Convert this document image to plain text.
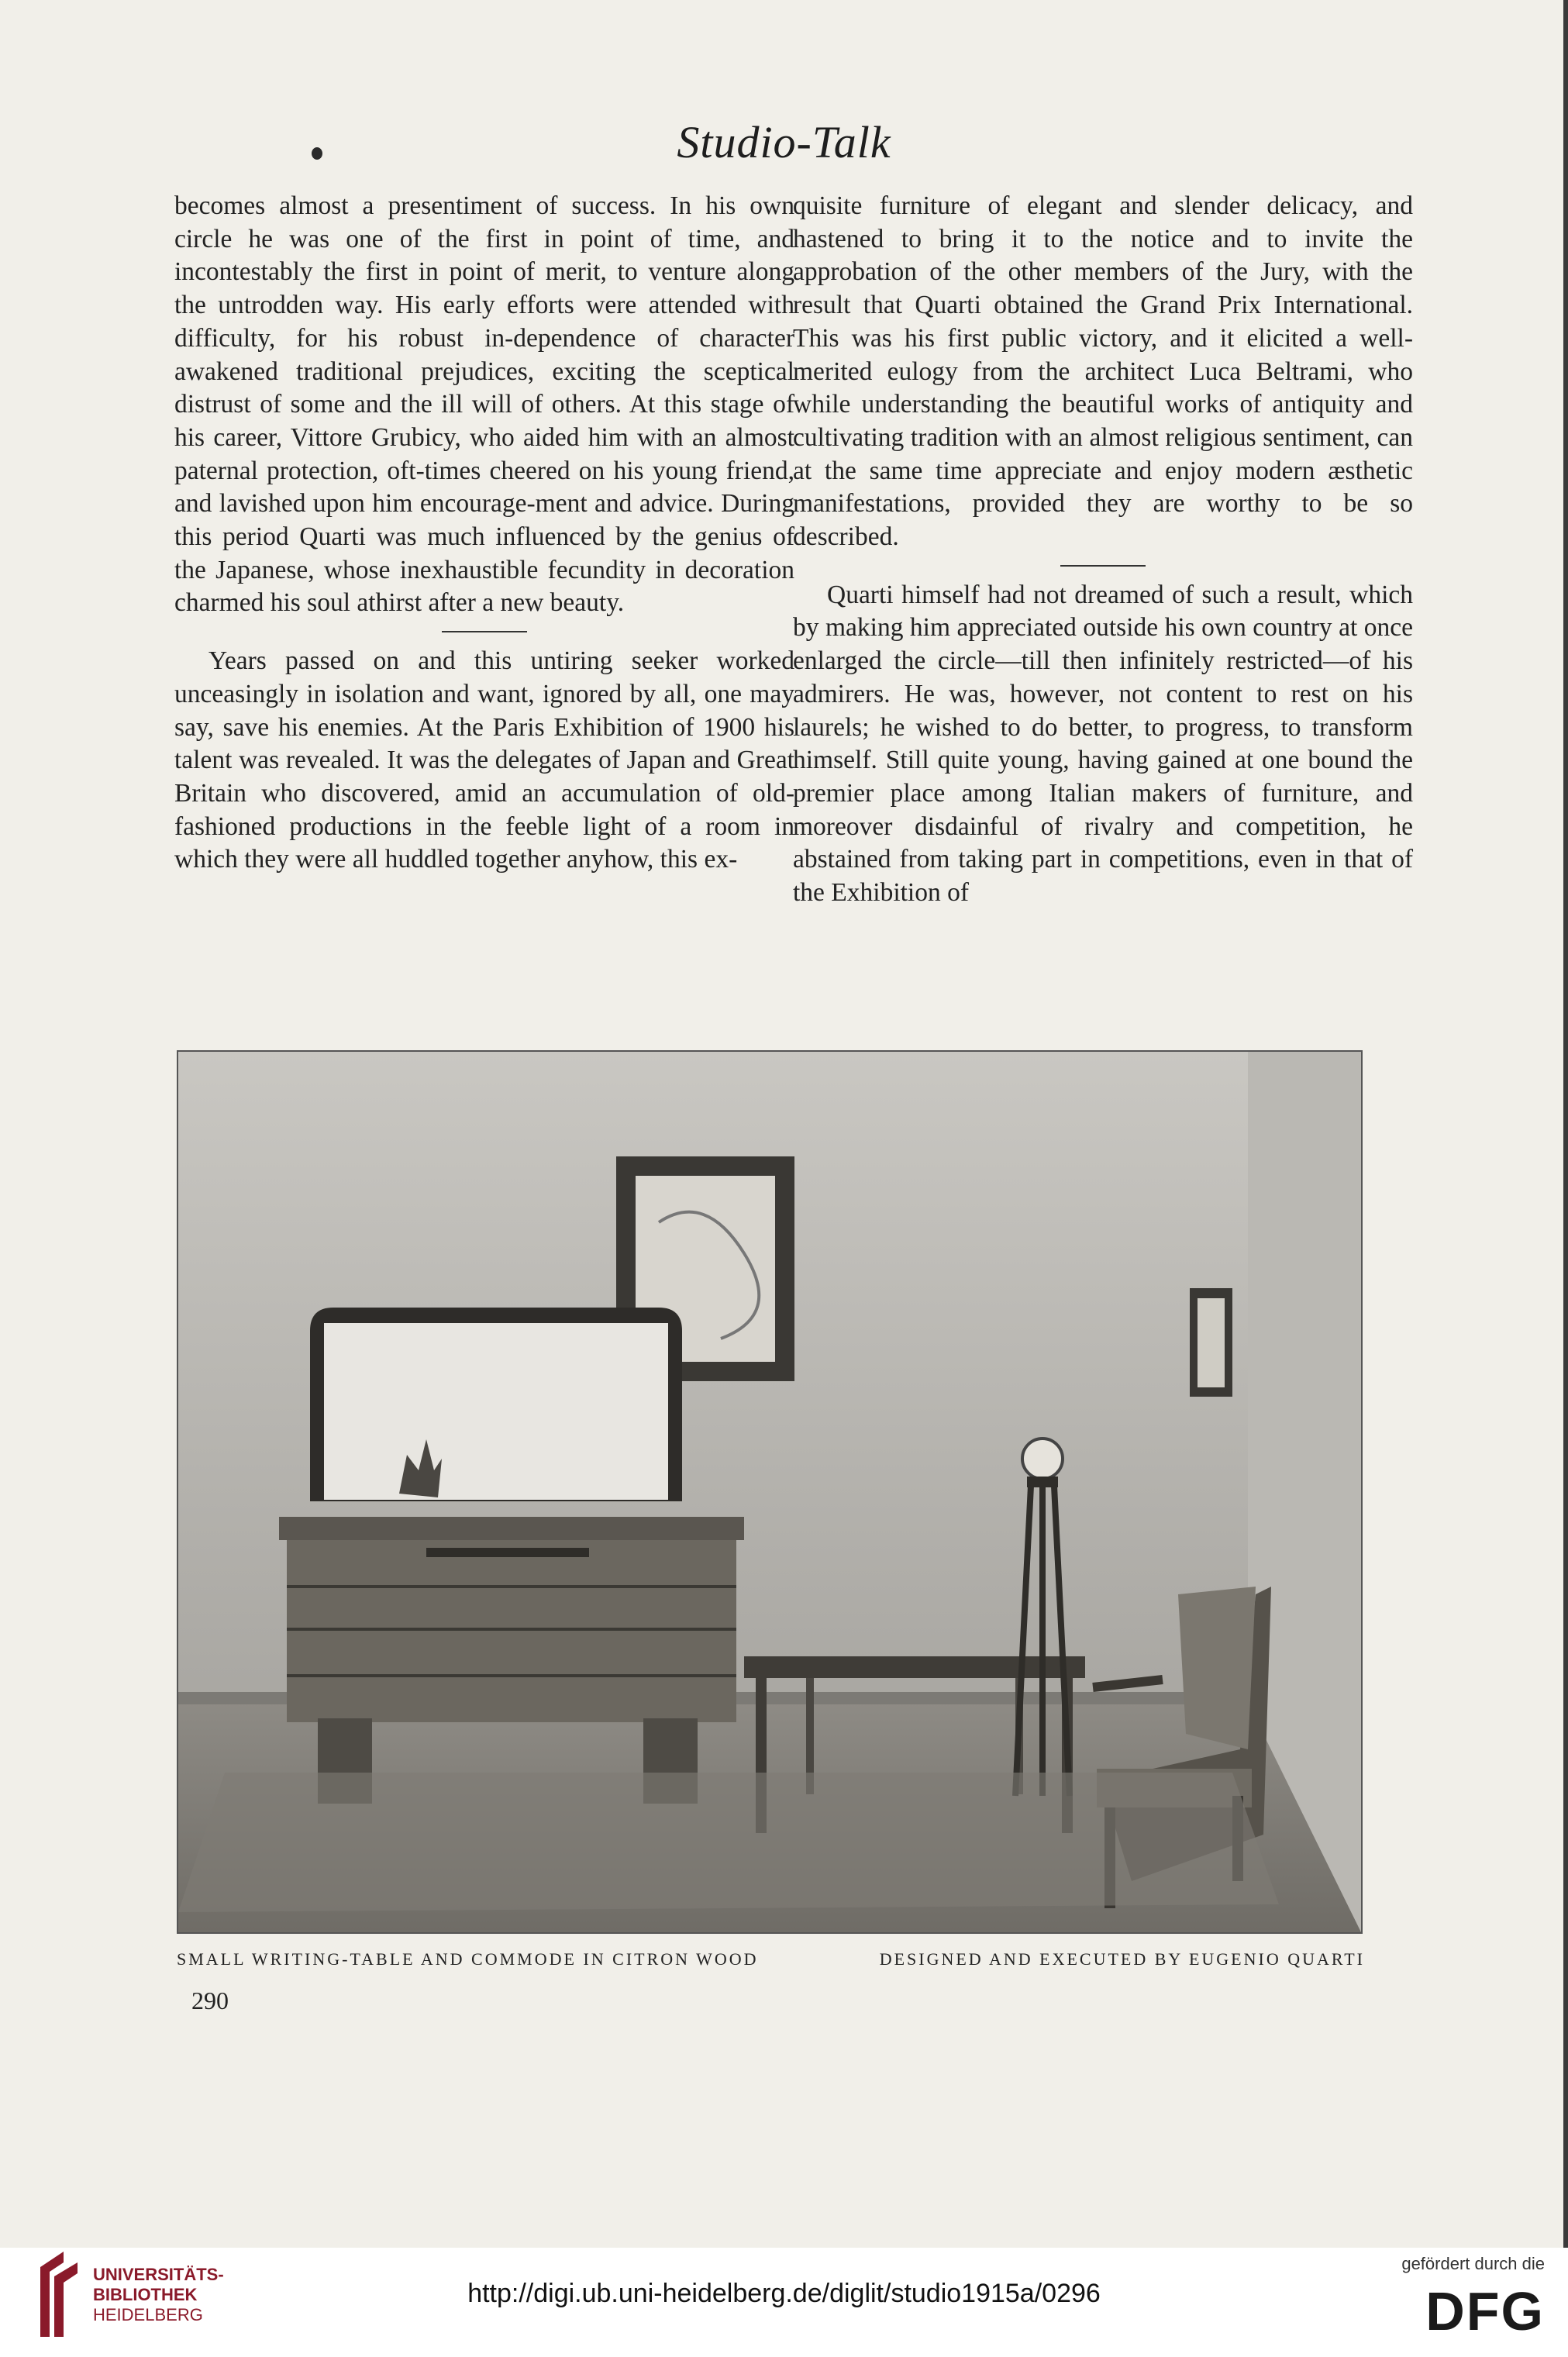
Studio-Talk

becomes almost a presentiment of success. In his own circle he was one of the first in point of time, and incontestably the first in point of merit, to venture along the untrodden way. His early efforts were attended with difficulty, for his robust in-dependence of character awakened traditional prejudices, exciting the sceptical distrust of some and the ill will of others. At this stage of his career, Vittore Grubicy, who aided him with an almost paternal protection, oft-times cheered on his young friend, and lavished upon him encourage-ment and advice. During this period Quarti was much influenced by the genius of the Japanese, whose inexhaustible fecundity in decoration charmed his soul athirst after a new beauty.

Years passed on and this untiring seeker worked unceasingly in isolation and want, ignored by all, one may say, save his enemies. At the Paris Exhibition of 1900 his talent was revealed. It was the delegates of Japan and Great Britain who discovered, amid an accumulation of old-fashioned productions in the feeble light of a room in which they were all huddled together anyhow, this ex-

quisite furniture of elegant and slender delicacy, and hastened to bring it to the notice and to invite the approbation of the other members of the Jury, with the result that Quarti obtained the Grand Prix International. This was his first public victory, and it elicited a well-merited eulogy from the architect Luca Beltrami, who while understanding the beautiful works of antiquity and cultivating tradition with an almost religious sentiment, can at the same time appreciate and enjoy modern æsthetic manifestations, provided they are worthy to be so described.

Quarti himself had not dreamed of such a result, which by making him appreciated outside his own country at once enlarged the circle—till then infinitely restricted—of his admirers. He was, however, not content to rest on his laurels; he wished to do better, to progress, to transform himself. Still quite young, having gained at one bound the premier place among Italian makers of furniture, and moreover disdainful of rivalry and competition, he abstained from taking part in competitions, even in that of the Exhibition of

SMALL WRITING-TABLE AND COMMODE IN CITRON WOOD	DESIGNED AND EXECUTED BY EUGENIO QUARTI
290
UNIVERSITÄTS-
BIBLIOTHEK
HEIDELBERG
http://digi.ub.uni-heidelberg.de/diglit/studio1915a/0296
gefördert durch die
DFG
